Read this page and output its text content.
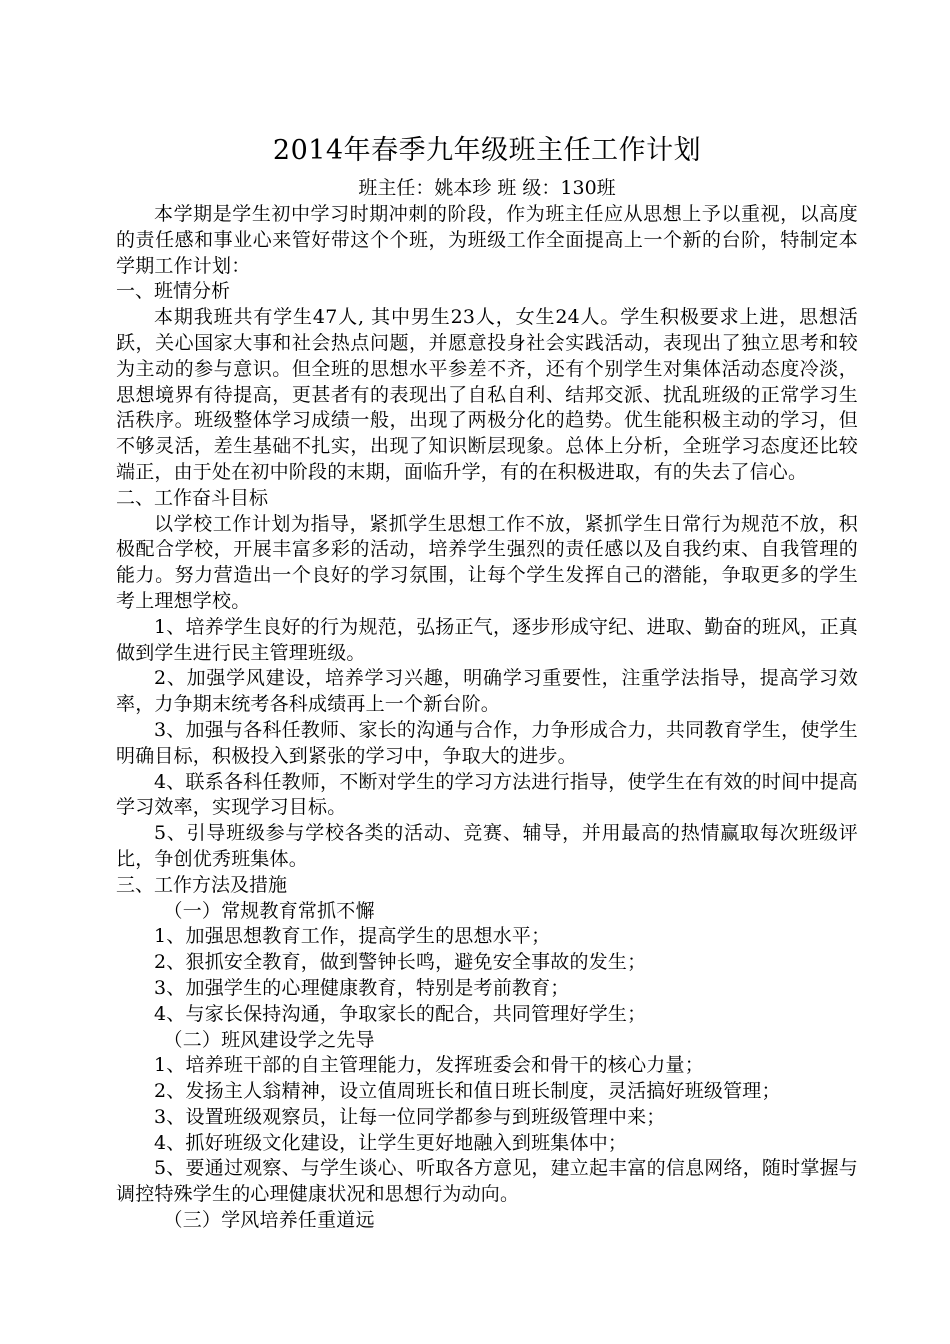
2014年春季九年级班主任工作计划

班主任：姚本珍 班 级：130班

本学期是学生初中学习时期冲刺的阶段，作为班主任应从思想上予以重视，以高度的责任感和事业心来管好带这个个班，为班级工作全面提高上一个新的台阶，特制定本学期工作计划：

一、班情分析

本期我班共有学生47人, 其中男生23人，女生24人。学生积极要求上进，思想活跃，关心国家大事和社会热点问题，并愿意投身社会实践活动，表现出了独立思考和较为主动的参与意识。但全班的思想水平参差不齐，还有个别学生对集体活动态度冷淡，思想境界有待提高，更甚者有的表现出了自私自利、结邦交派、扰乱班级的正常学习生活秩序。班级整体学习成绩一般，出现了两极分化的趋势。优生能积极主动的学习，但不够灵活，差生基础不扎实，出现了知识断层现象。总体上分析，全班学习态度还比较端正，由于处在初中阶段的末期，面临升学，有的在积极进取，有的失去了信心。

二、工作奋斗目标

以学校工作计划为指导，紧抓学生思想工作不放，紧抓学生日常行为规范不放，积极配合学校，开展丰富多彩的活动，培养学生强烈的责任感以及自我约束、自我管理的能力。努力营造出一个良好的学习氛围，让每个学生发挥自己的潜能，争取更多的学生考上理想学校。

1、培养学生良好的行为规范，弘扬正气，逐步形成守纪、进取、勤奋的班风，正真做到学生进行民主管理班级。

2、加强学风建设，培养学习兴趣，明确学习重要性，注重学法指导，提高学习效率，力争期末统考各科成绩再上一个新台阶。

3、加强与各科任教师、家长的沟通与合作，力争形成合力，共同教育学生，使学生明确目标，积极投入到紧张的学习中，争取大的进步。

4、联系各科任教师，不断对学生的学习方法进行指导，使学生在有效的时间中提高学习效率，实现学习目标。

5、引导班级参与学校各类的活动、竞赛、辅导，并用最高的热情赢取每次班级评比，争创优秀班集体。

三、工作方法及措施

（一）常规教育常抓不懈

1、加强思想教育工作，提高学生的思想水平；

2、狠抓安全教育，做到警钟长鸣，避免安全事故的发生；

3、加强学生的心理健康教育，特别是考前教育；

4、与家长保持沟通，争取家长的配合，共同管理好学生；

（二）班风建设学之先导

1、培养班干部的自主管理能力，发挥班委会和骨干的核心力量；

2、发扬主人翁精神，设立值周班长和值日班长制度，灵活搞好班级管理；

3、设置班级观察员，让每一位同学都参与到班级管理中来；

4、抓好班级文化建设，让学生更好地融入到班集体中；

5、要通过观察、与学生谈心、听取各方意见，建立起丰富的信息网络，随时掌握与调控特殊学生的心理健康状况和思想行为动向。

（三）学风培养任重道远
